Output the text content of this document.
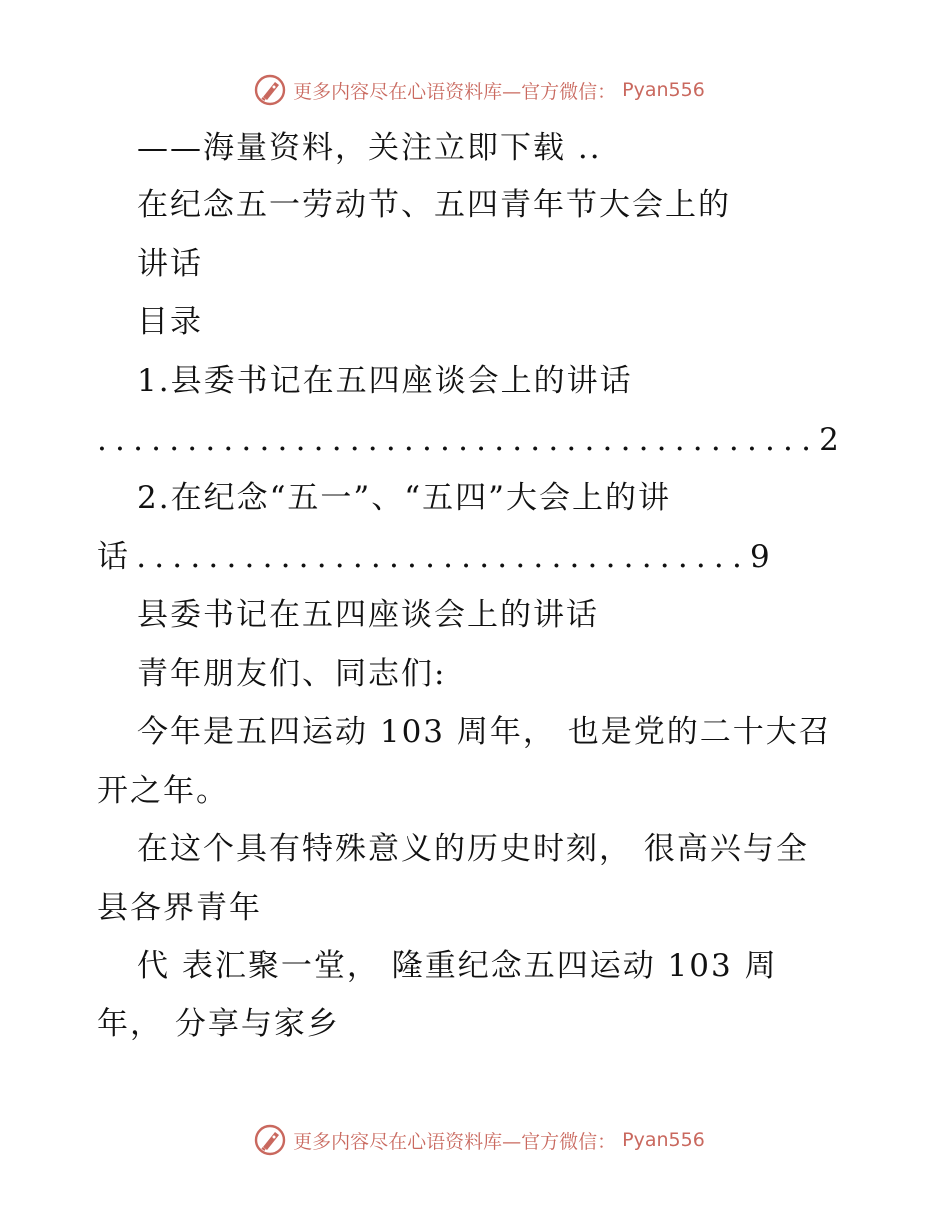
更多内容尽在心语资料库—官方微信： Pyan556
——海量资料，关注立即下载 ..
在纪念五一劳动节、五四青年节大会上的
讲话
目录
1.县委书记在五四座谈会上的讲话
........................................2
2.在纪念“五一”、“五四”大会上的讲
话..................................9
县委书记在五四座谈会上的讲话
青年朋友们、同志们:
今年是五四运动 103 周年， 也是党的二十大召
开之年。
在这个具有特殊意义的历史时刻， 很高兴与全
县各界青年
代 表汇聚一堂， 隆重纪念五四运动 103 周
年， 分享与家乡
更多内容尽在心语资料库—官方微信： Pyan556
